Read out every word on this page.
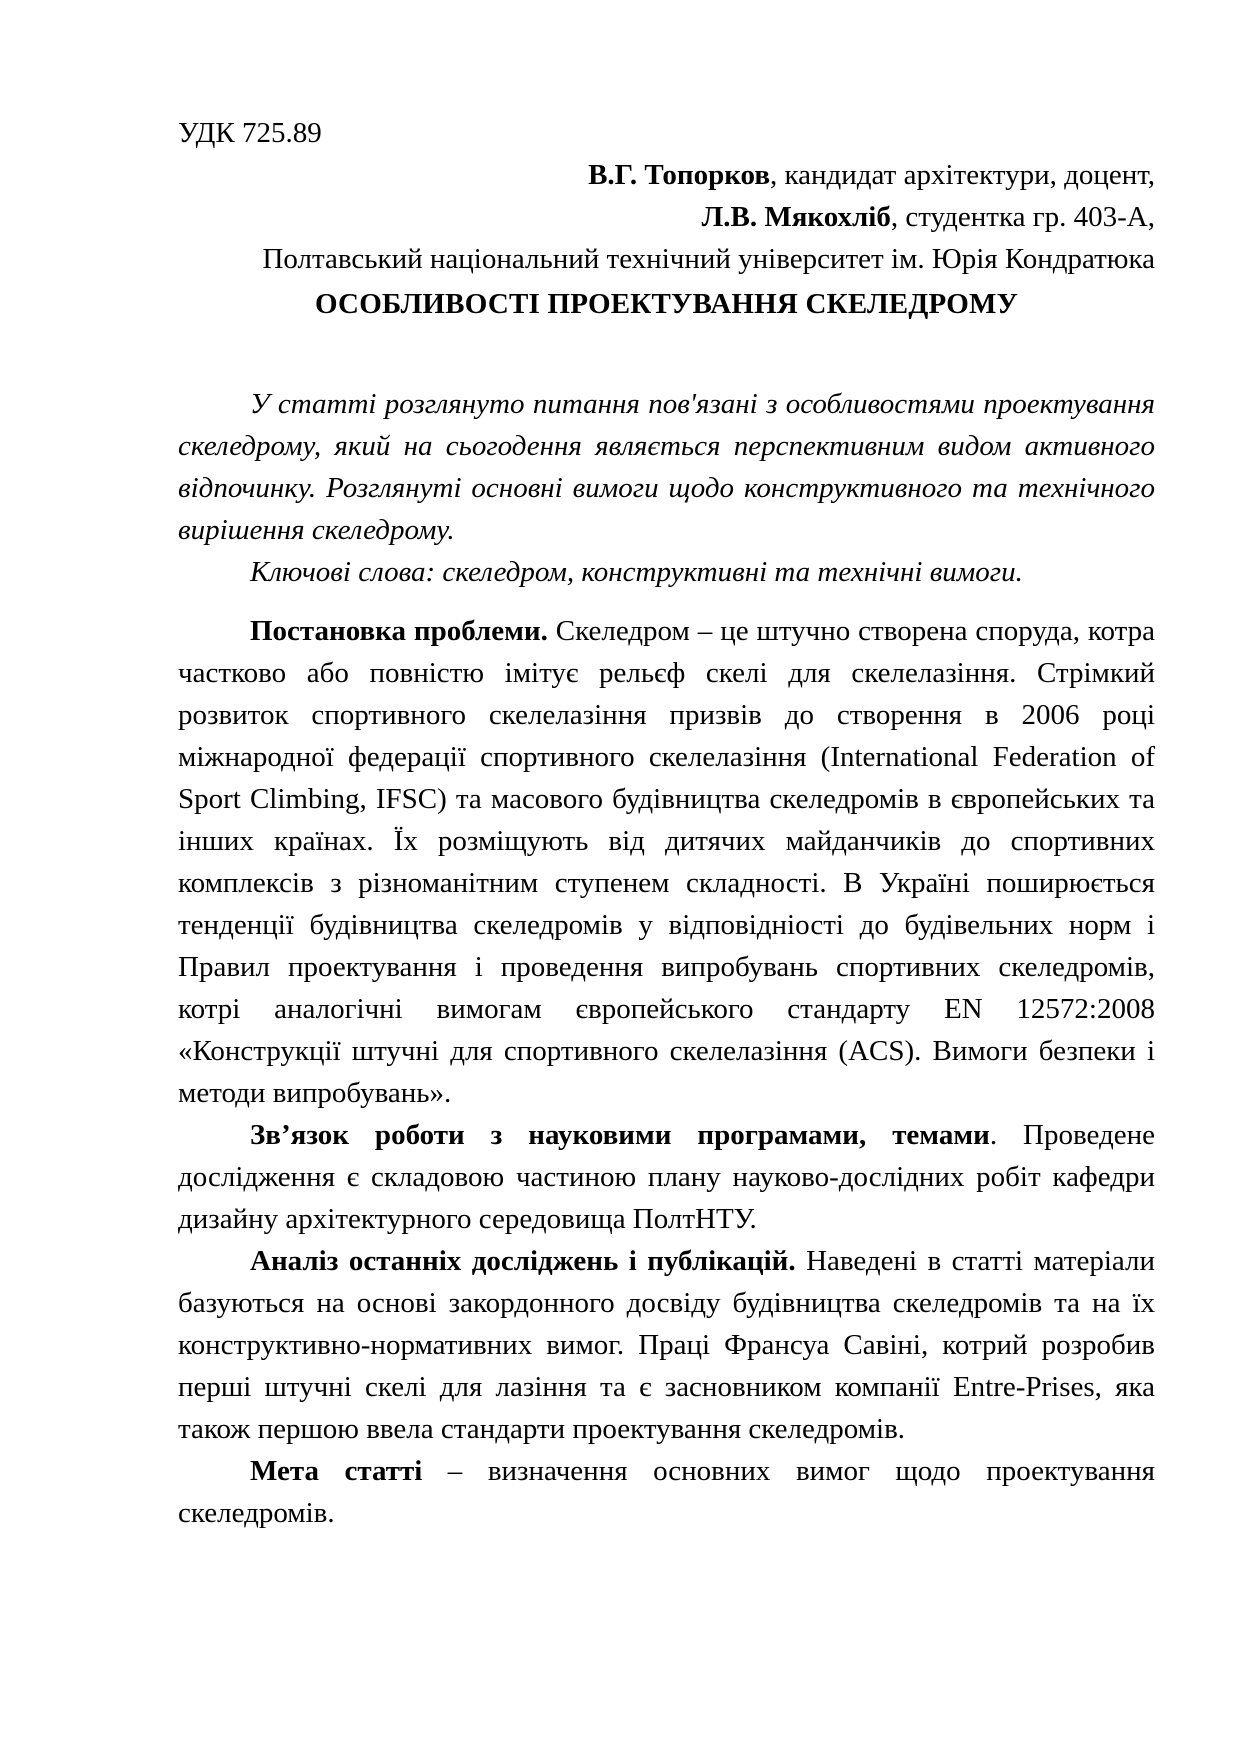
УДК 725.89
В.Г. Топорков, кандидат архітектури, доцент,
Л.В. Мякохліб, студентка гр. 403-А,
Полтавський національний технічний університет ім. Юрія Кондратюка
ОСОБЛИВОСТІ ПРОЕКТУВАННЯ СКЕЛЕДРОМУ

У статті розглянуто питання пов'язані з особливостями проектування скеледрому, який на сьогодення являється перспективним видом активного відпочинку. Розглянуті основні вимоги щодо конструктивного та технічного вирішення скеледрому.

Ключові слова: скеледром, конструктивні та технічні вимоги.

Постановка проблеми. Скеледром – це штучно створена споруда, котра частково або повністю імітує рельєф скелі для скелелазіння. Стрімкий розвиток спортивного скелелазіння призвів до створення в 2006 році міжнародної федерації спортивного скелелазіння (International Federation of Sport Climbing, IFSC) та масового будівництва скеледромів в європейських та інших країнах. Їх розміщують від дитячих майданчиків до спортивних комплексів з різноманітним ступенем складності. В Україні поширюється тенденції будівництва скеледромів у відповідніості до будівельних норм і Правил проектування і проведення випробувань спортивних скеледромів, котрі аналогічні вимогам європейського стандарту EN 12572:2008 «Конструкції штучні для спортивного скелелазіння (ACS). Вимоги безпеки і методи випробувань».

Зв’язок роботи з науковими програмами, темами. Проведене дослідження є складовою частиною плану науково-дослідних робіт кафедри дизайну архітектурного середовища ПолтНТУ.

Аналіз останніх досліджень і публікацій. Наведені в статті матеріали базуються на основі закордонного досвіду будівництва скеледромів та на їх конструктивно-нормативних вимог. Праці Франсуа Савіні, котрий розробив перші штучні скелі для лазіння та є засновником компанії Entre-Prises, яка також першою ввела стандарти проектування скеледромів.

Мета статті – визначення основних вимог щодо проектування скеледромів.
